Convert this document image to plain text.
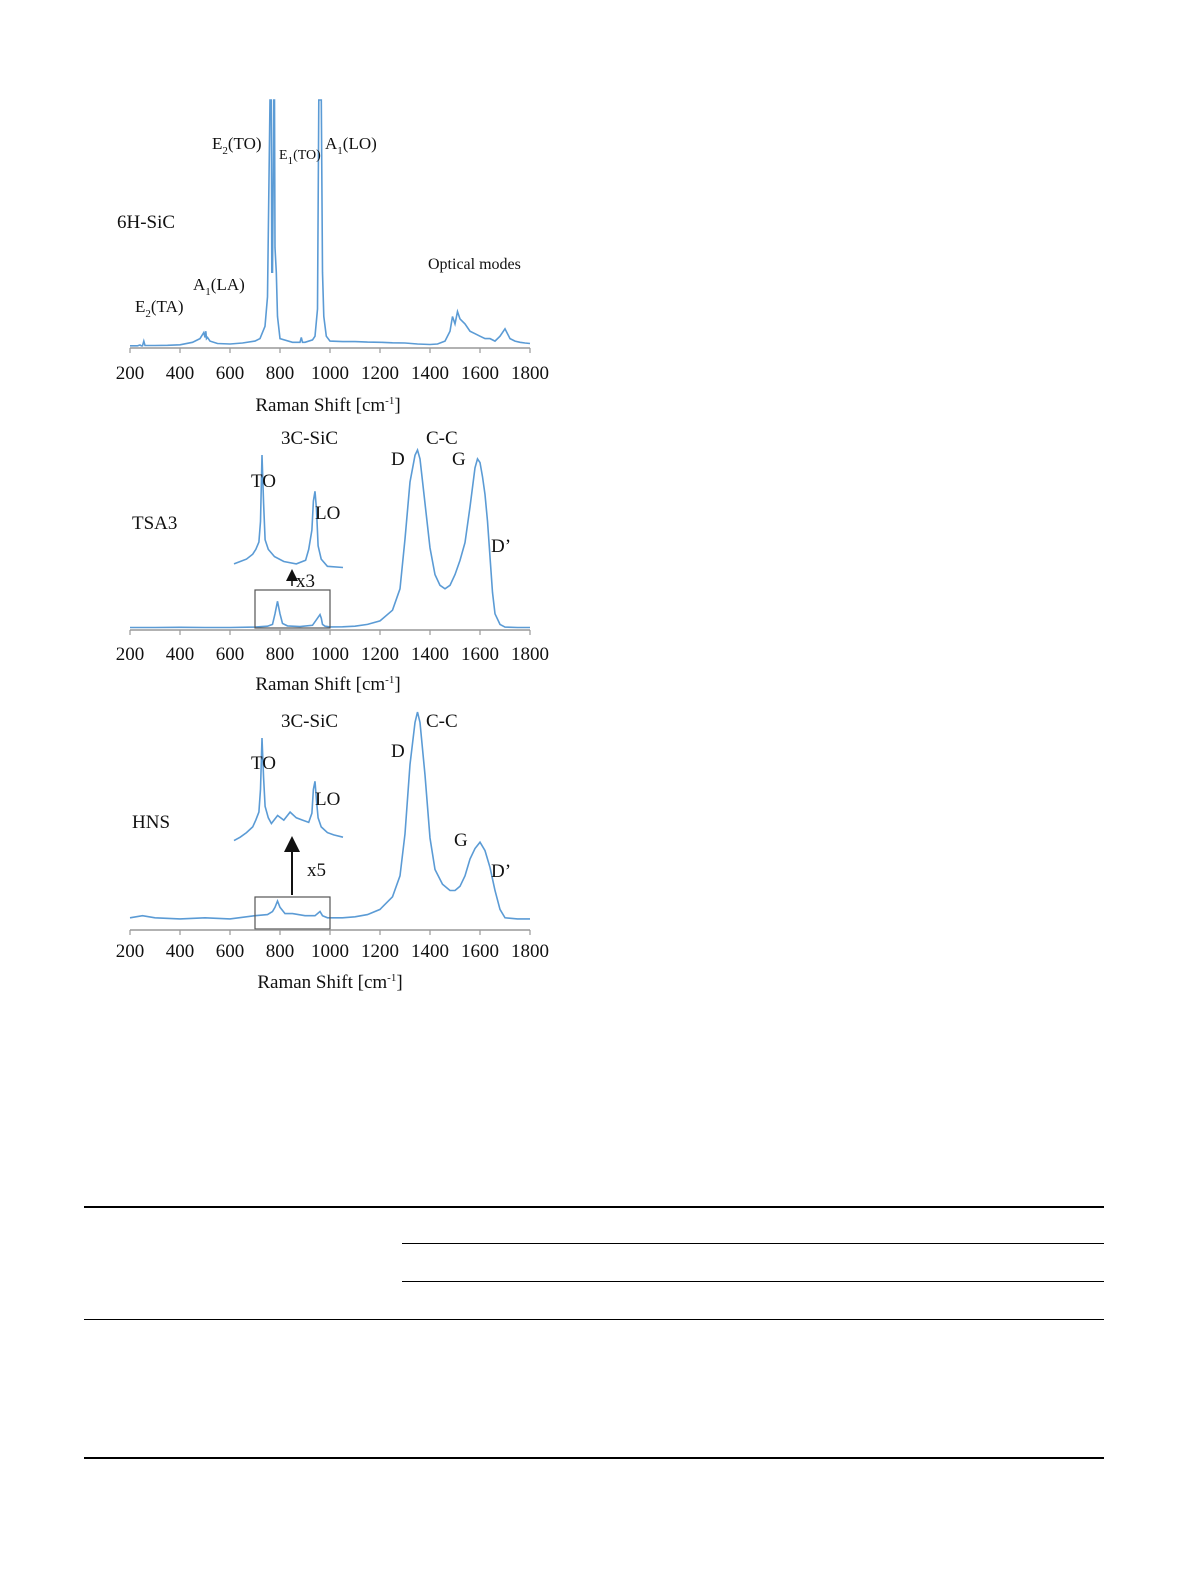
200 400 600 800 1000 1200 1400 1600 1800
Raman Shift $[cm^{-1}]$
6H-SiC
$E_2(TA)$
$A_1(LA)$
$E_2(TO)$
$E_1(TO)$
$A_1(LO)$
Optical modes
200 400 600 800 1000 1200 1400 1600 1800
Raman Shift $[cm^{-1}]$
TSA3
3C-SiC	C-C
D G
D’
TO
LO
x3
200 400 600 800 1000 1200 1400 1600 1800
Raman Shift $[cm^{-1}]$
HNS
3C-SiC	C-C
D
G
D’
TO
LO
x5
